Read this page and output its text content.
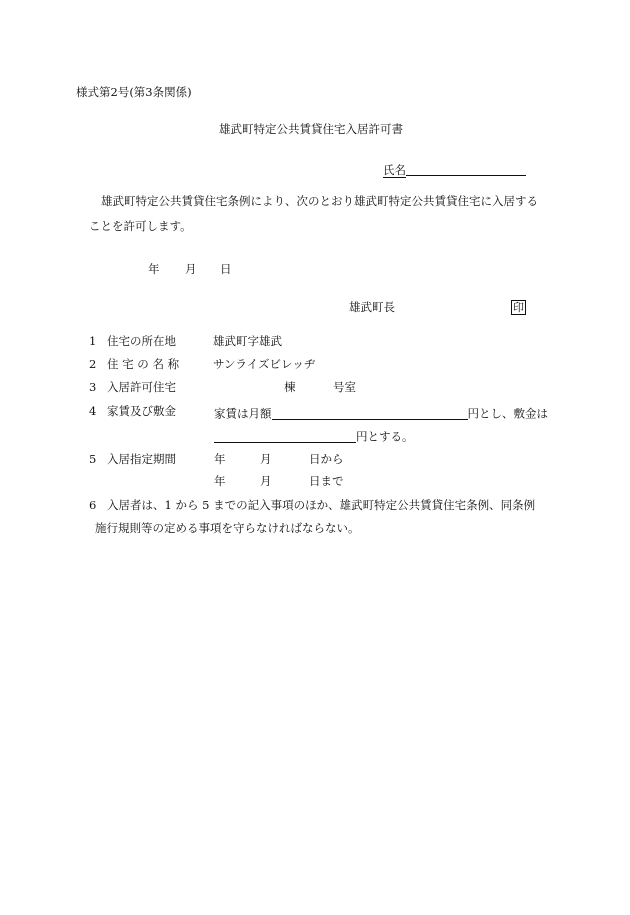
様式第2号(第3条関係)
雄武町特定公共賃貸住宅入居許可書
氏名
雄武町特定公共賃貸住宅条例により、次のとおり雄武町特定公共賃貸住宅に入居する
ことを許可します。
年 月 日
雄武町長	印
1 住宅の所在地	雄武町字雄武
2 住 宅 の 名 称	サンライズビレッヂ
3 入居許可住宅	棟	号室
4 家賃及び敷金	家賃は月額	円とし、敷金は
円とする。
5 入居指定期間	年	月	日から
年	月	日まで
6 入居者は、1 から 5 までの記入事項のほか、雄武町特定公共賃貸住宅条例、同条例
施行規則等の定める事項を守らなければならない。
